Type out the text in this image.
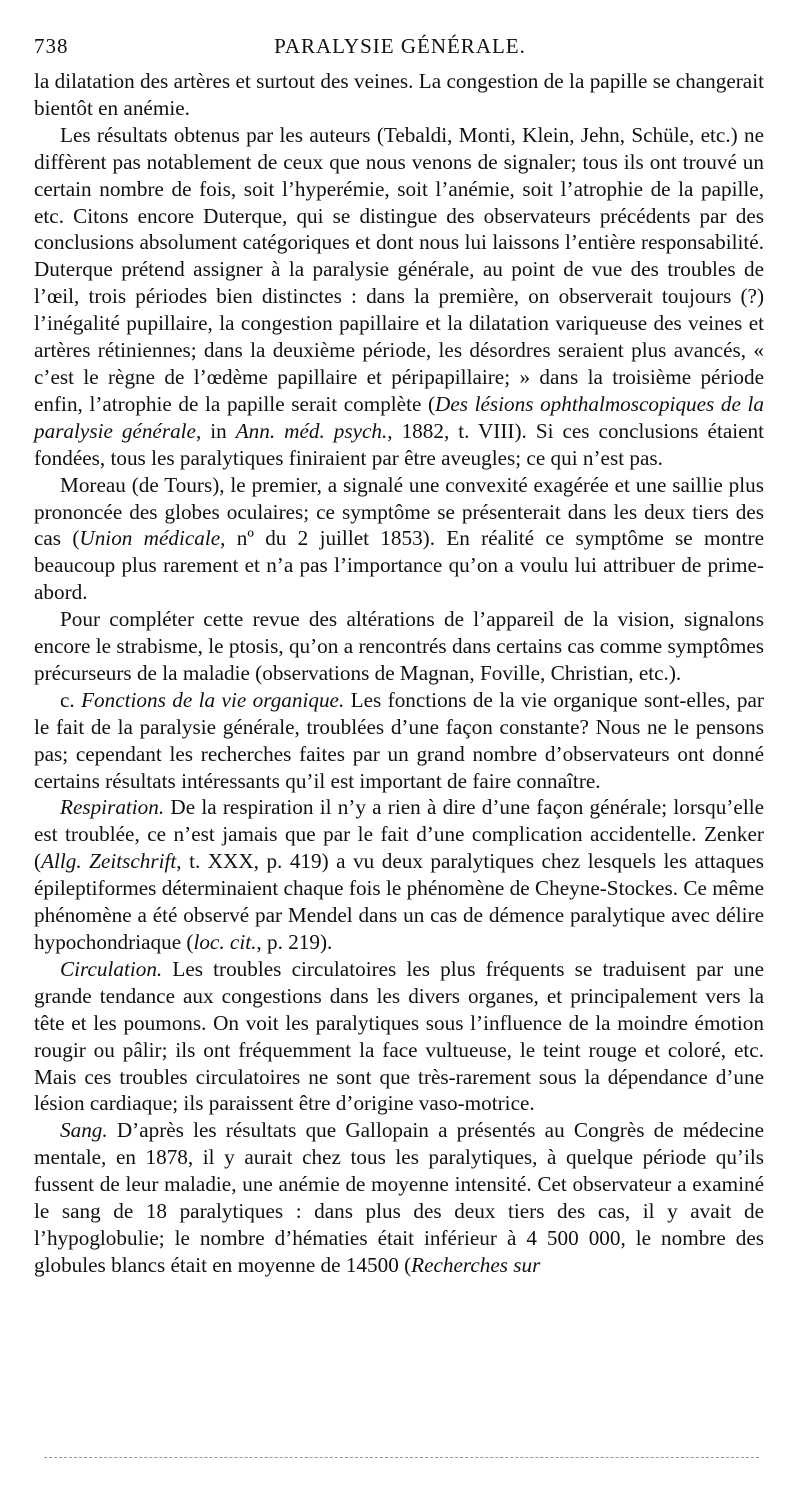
738	PARALYSIE GÉNÉRALE.

la dilatation des artères et surtout des veines. La congestion de la papille se changerait bientôt en anémie.

Les résultats obtenus par les auteurs (Tebaldi, Monti, Klein, Jehn, Schüle, etc.) ne diffèrent pas notablement de ceux que nous venons de signaler; tous ils ont trouvé un certain nombre de fois, soit l’hyperémie, soit l’anémie, soit l’atrophie de la papille, etc. Citons encore Duterque, qui se distingue des observateurs précédents par des conclusions absolument catégoriques et dont nous lui laissons l’entière responsabilité. Duterque prétend assigner à la paralysie générale, au point de vue des troubles de l’œil, trois périodes bien distinctes : dans la première, on observerait toujours (?) l’inégalité pupillaire, la congestion papillaire et la dilatation variqueuse des veines et artères rétiniennes; dans la deuxième période, les désordres seraient plus avancés, « c’est le règne de l’œdème papillaire et péripapillaire; » dans la troisième période enfin, l’atrophie de la papille serait complète (Des lésions ophthalmoscopiques de la paralysie générale, in Ann. méd. psych., 1882, t. VIII). Si ces conclusions étaient fondées, tous les paralytiques finiraient par être aveugles; ce qui n’est pas.

Moreau (de Tours), le premier, a signalé une convexité exagérée et une saillie plus prononcée des globes oculaires; ce symptôme se présenterait dans les deux tiers des cas (Union médicale, nº du 2 juillet 1853). En réalité ce symptôme se montre beaucoup plus rarement et n’a pas l’importance qu’on a voulu lui attribuer de prime-abord.

Pour compléter cette revue des altérations de l’appareil de la vision, signalons encore le strabisme, le ptosis, qu’on a rencontrés dans certains cas comme symptômes précurseurs de la maladie (observations de Magnan, Foville, Christian, etc.).

c. Fonctions de la vie organique. Les fonctions de la vie organique sont-elles, par le fait de la paralysie générale, troublées d’une façon constante? Nous ne le pensons pas; cependant les recherches faites par un grand nombre d’observateurs ont donné certains résultats intéressants qu’il est important de faire connaître.

Respiration. De la respiration il n’y a rien à dire d’une façon générale; lorsqu’elle est troublée, ce n’est jamais que par le fait d’une complication accidentelle. Zenker (Allg. Zeitschrift, t. XXX, p. 419) a vu deux paralytiques chez lesquels les attaques épileptiformes déterminaient chaque fois le phénomène de Cheyne-Stockes. Ce même phénomène a été observé par Mendel dans un cas de démence paralytique avec délire hypochondriaque (loc. cit., p. 219).

Circulation. Les troubles circulatoires les plus fréquents se traduisent par une grande tendance aux congestions dans les divers organes, et principalement vers la tête et les poumons. On voit les paralytiques sous l’influence de la moindre émotion rougir ou pâlir; ils ont fréquemment la face vultueuse, le teint rouge et coloré, etc. Mais ces troubles circulatoires ne sont que très-rarement sous la dépendance d’une lésion cardiaque; ils paraissent être d’origine vaso-motrice.

Sang. D’après les résultats que Gallopain a présentés au Congrès de médecine mentale, en 1878, il y aurait chez tous les paralytiques, à quelque période qu’ils fussent de leur maladie, une anémie de moyenne intensité. Cet observateur a examiné le sang de 18 paralytiques : dans plus des deux tiers des cas, il y avait de l’hypoglobulie; le nombre d’hématies était inférieur à 4 500 000, le nombre des globules blancs était en moyenne de 14500 (Recherches sur
